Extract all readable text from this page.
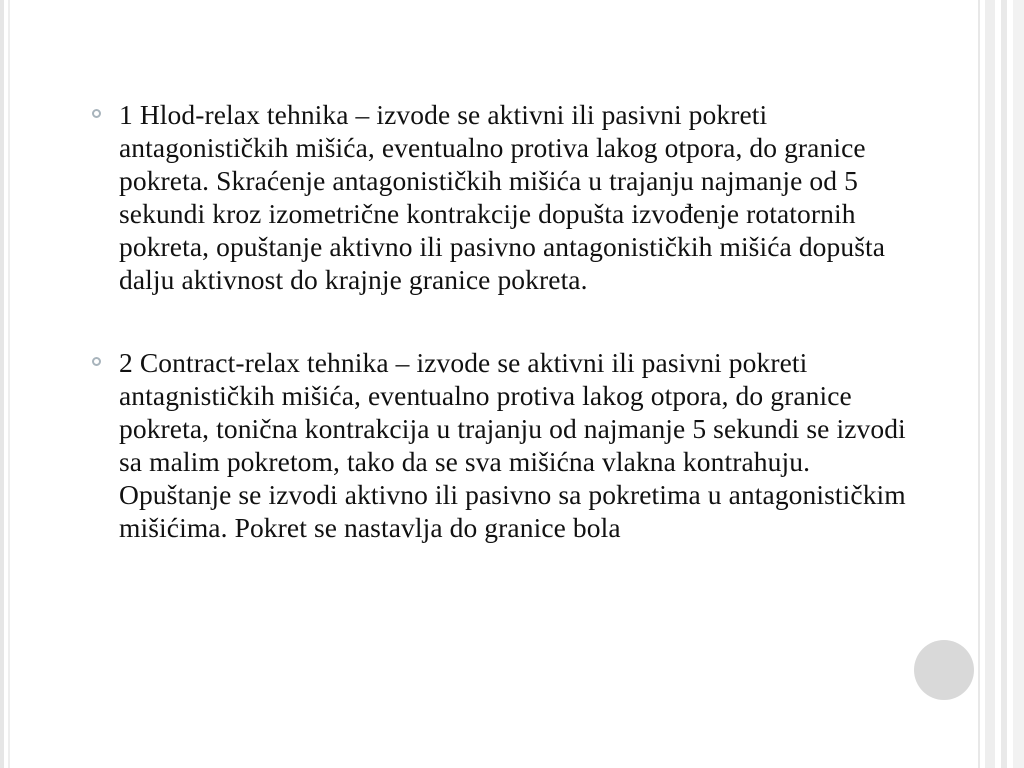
1 Hlod-relax tehnika – izvode se aktivni ili pasivni pokreti antagonističkih mišića, eventualno protiva lakog otpora, do granice pokreta. Skraćenje antagonističkih mišića u trajanju najmanje od 5 sekundi kroz izometrične kontrakcije dopušta izvođenje rotatornih pokreta, opuštanje aktivno ili pasivno antagonističkih mišića dopušta dalju aktivnost do krajnje granice pokreta.

2 Contract-relax tehnika – izvode se aktivni ili pasivni pokreti antagnističkih mišića, eventualno protiva lakog otpora, do granice pokreta, tonična kontrakcija u trajanju od najmanje 5 sekundi se izvodi sa malim pokretom, tako da se sva mišićna vlakna kontrahuju. Opuštanje se izvodi aktivno ili pasivno sa pokretima u antagonističkim mišićima. Pokret se nastavlja do granice bola
